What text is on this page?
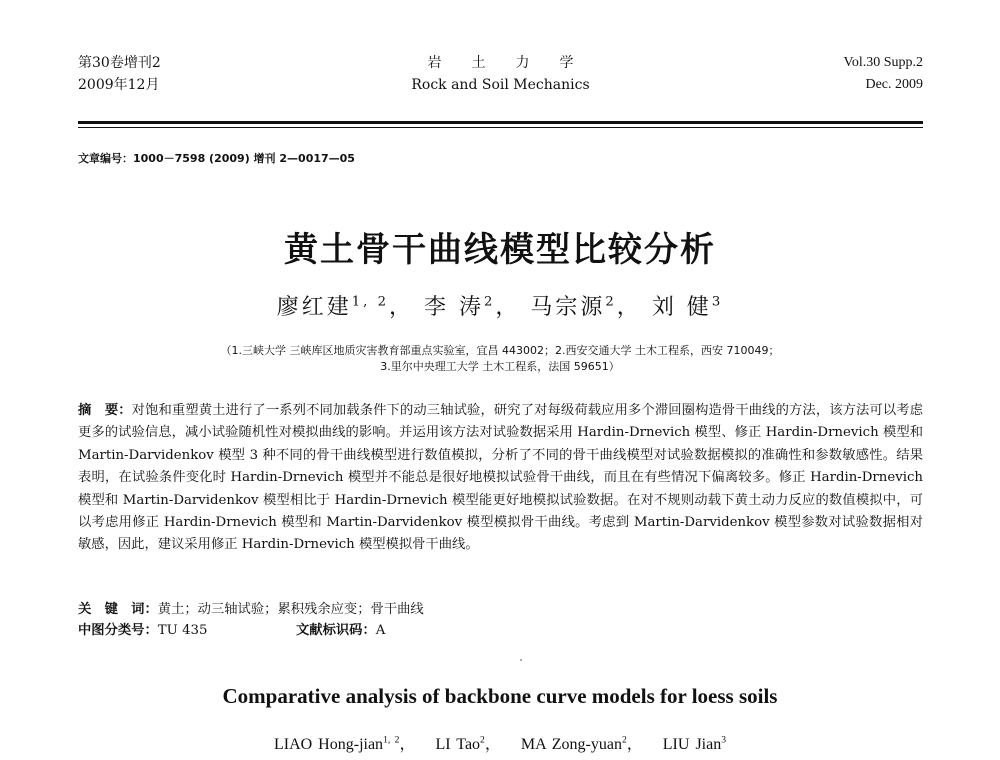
第30卷增刊2
2009年12月
岩土力学
Rock and Soil Mechanics
Vol.30 Supp.2
Dec. 2009
文章编号：1000－7598 (2009) 增刊 2—0017—05
黄土骨干曲线模型比较分析
廖红建$^{1, 2}$， 李 涛$^2$， 马宗源$^2$， 刘 健$^3$
（1.三峡大学 三峡库区地质灾害教育部重点实验室，宜昌 443002；2.西安交通大学 土木工程系，西安 710049；
3.里尔中央理工大学 土木工程系，法国 59651）
摘　要：对饱和重塑黄土进行了一系列不同加载条件下的动三轴试验，研究了对每级荷载应用多个滞回圈构造骨干曲线的方法，该方法可以考虑更多的试验信息，减小试验随机性对模拟曲线的影响。并运用该方法对试验数据采用 Hardin-Drnevich 模型、修正 Hardin-Drnevich 模型和 Martin-Darvidenkov 模型 3 种不同的骨干曲线模型进行数值模拟，分析了不同的骨干曲线模型对试验数据模拟的准确性和参数敏感性。结果表明，在试验条件变化时 Hardin-Drnevich 模型并不能总是很好地模拟试验骨干曲线，而且在有些情况下偏离较多。修正 Hardin-Drnevich 模型和 Martin-Darvidenkov 模型相比于 Hardin-Drnevich 模型能更好地模拟试验数据。在对不规则动载下黄土动力反应的数值模拟中，可以考虑用修正 Hardin-Drnevich 模型和 Martin-Darvidenkov 模型模拟骨干曲线。考虑到 Martin-Darvidenkov 模型参数对试验数据相对敏感，因此，建议采用修正 Hardin-Drnevich 模型模拟骨干曲线。
关　键　词：黄土；动三轴试验；累积残余应变；骨干曲线
中图分类号：TU 435	文献标识码：A
Comparative analysis of backbone curve models for loess soils
LIAO Hong-jian$^{1, 2}$， LI Tao$^2$， MA Zong-yuan$^2$， LIU Jian$^3$
